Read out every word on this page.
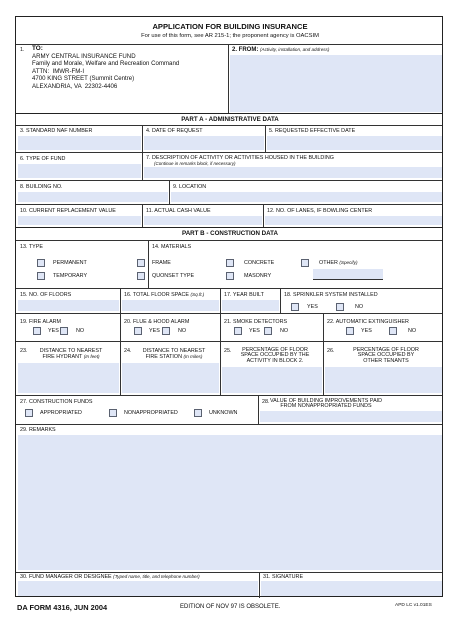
APPLICATION FOR BUILDING INSURANCE
For use of this form, see AR 215-1; the proponent agency is OACSIM
1. TO:
ARMY CENTRAL INSURANCE FUND
Family and Morale, Welfare and Recreation Command
ATTN:  IMWR-FM-I
4700 KING STREET (Summit Centre)
ALEXANDRIA, VA  22302-4406
2. FROM: (Activity, installation, and address)
PART A - ADMINISTRATIVE DATA
3. STANDARD NAF NUMBER	4. DATE OF REQUEST	5. REQUESTED EFFECTIVE DATE
6. TYPE OF FUND	7. DESCRIPTION OF ACTIVITY OR ACTIVITIES HOUSED IN THE BUILDING
(Continue in remarks block, if necessary)
8. BUILDING NO.	9. LOCATION
10. CURRENT REPLACEMENT VALUE	11. ACTUAL CASH VALUE	12. NO. OF LANES, IF BOWLING CENTER
PART B - CONSTRUCTION DATA
13. TYPE
PERMANENT
TEMPORARY
14. MATERIALS
FRAME	CONCRETE	OTHER (Specify)
QUONSET TYPE	MASONRY
15. NO. OF FLOORS	16. TOTAL FLOOR SPACE (Sq.ft.)	17. YEAR BUILT	18. SPRINKLER SYSTEM INSTALLED
YES	NO
19. FIRE ALARM
YES	NO
20. FLUE & HOOD ALARM
YES	NO
21. SMOKE DETECTORS
YES	NO
22. AUTOMATIC EXTINGUISHER
YES	NO
23.	DISTANCE TO NEAREST
FIRE HYDRANT (In feet)
24.	DISTANCE TO NEAREST
FIRE STATION (In miles)
25.	PERCENTAGE OF FLOOR
SPACE OCCUPIED BY THE
ACTIVITY IN BLOCK 2.
26.	PERCENTAGE OF FLOOR
SPACE OCCUPIED BY
OTHER TENANTS
27. CONSTRUCTION FUNDS
APPROPRIATED	NONAPPROPRIATED	UNKNOWN
28. VALUE OF BUILDING IMPROVEMENTS PAID
FROM NONAPPROPRIATED FUNDS
29. REMARKS
30. FUND MANAGER OR DESIGNEE (Typed name, title, and telephone number)	31. SIGNATURE
DA FORM 4316, JUN 2004	EDITION OF NOV 97 IS OBSOLETE.	APD LC v1.01ES
